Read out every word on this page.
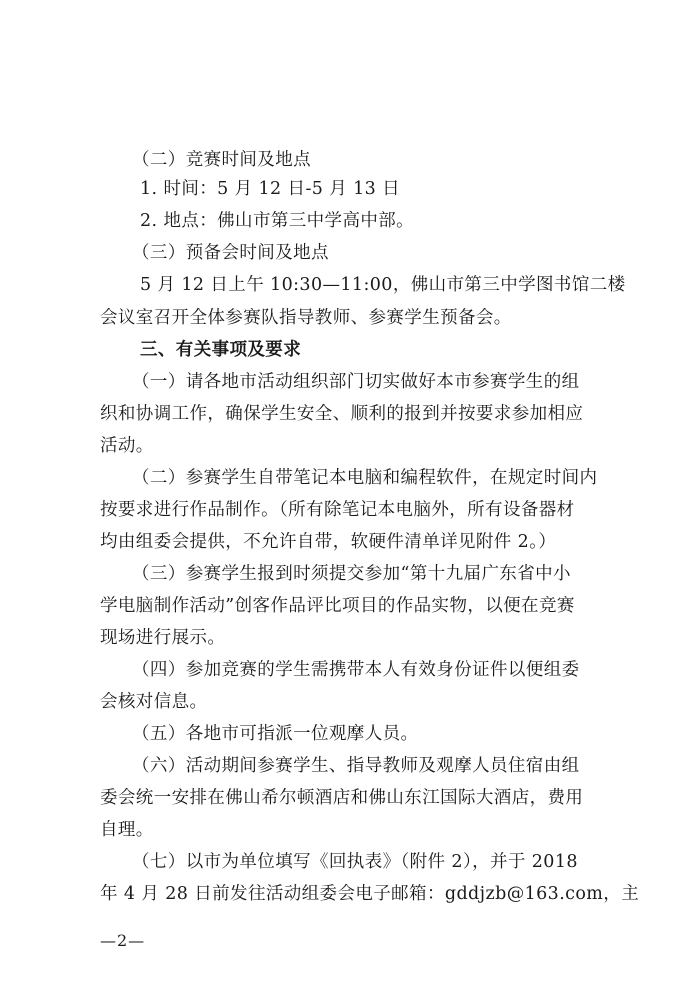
（二）竞赛时间及地点

1. 时间：5 月 12 日-5 月 13 日

2. 地点：佛山市第三中学高中部。

（三）预备会时间及地点

5 月 12 日上午 10:30—11:00，佛山市第三中学图书馆二楼

会议室召开全体参赛队指导教师、参赛学生预备会。

三、有关事项及要求

（一）请各地市活动组织部门切实做好本市参赛学生的组

织和协调工作，确保学生安全、顺利的报到并按要求参加相应

活动。

（二）参赛学生自带笔记本电脑和编程软件，在规定时间内

按要求进行作品制作。（所有除笔记本电脑外，所有设备器材

均由组委会提供，不允许自带，软硬件清单详见附件 2。）

（三）参赛学生报到时须提交参加“第十九届广东省中小

学电脑制作活动”创客作品评比项目的作品实物，以便在竞赛

现场进行展示。

（四）参加竞赛的学生需携带本人有效身份证件以便组委

会核对信息。

（五）各地市可指派一位观摩人员。

（六）活动期间参赛学生、指导教师及观摩人员住宿由组

委会统一安排在佛山希尔顿酒店和佛山东江国际大酒店，费用

自理。

（七）以市为单位填写《回执表》（附件 2），并于 2018

年 4 月 28 日前发往活动组委会电子邮箱：gddjzb@163.com，主

—2—
